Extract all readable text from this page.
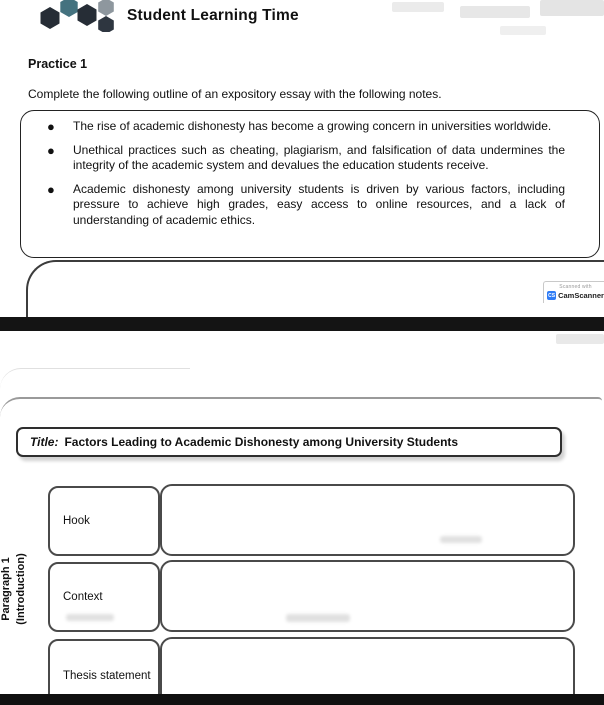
Student Learning Time
Practice 1
Complete the following outline of an expository essay with the following notes.
●	The rise of academic dishonesty has become a growing concern in universities worldwide.
●	Unethical practices such as cheating, plagiarism, and falsification of data undermines the integrity of the academic system and devalues the education students receive.
●	Academic dishonesty among university students is driven by various factors, including pressure to achieve high grades, easy access to online resources, and a lack of understanding of academic ethics.
Scanned with
CS CamScanner
Title: Factors Leading to Academic Dishonesty among University Students
Paragraph 1 (Introduction)
Hook
Context
Thesis statement
